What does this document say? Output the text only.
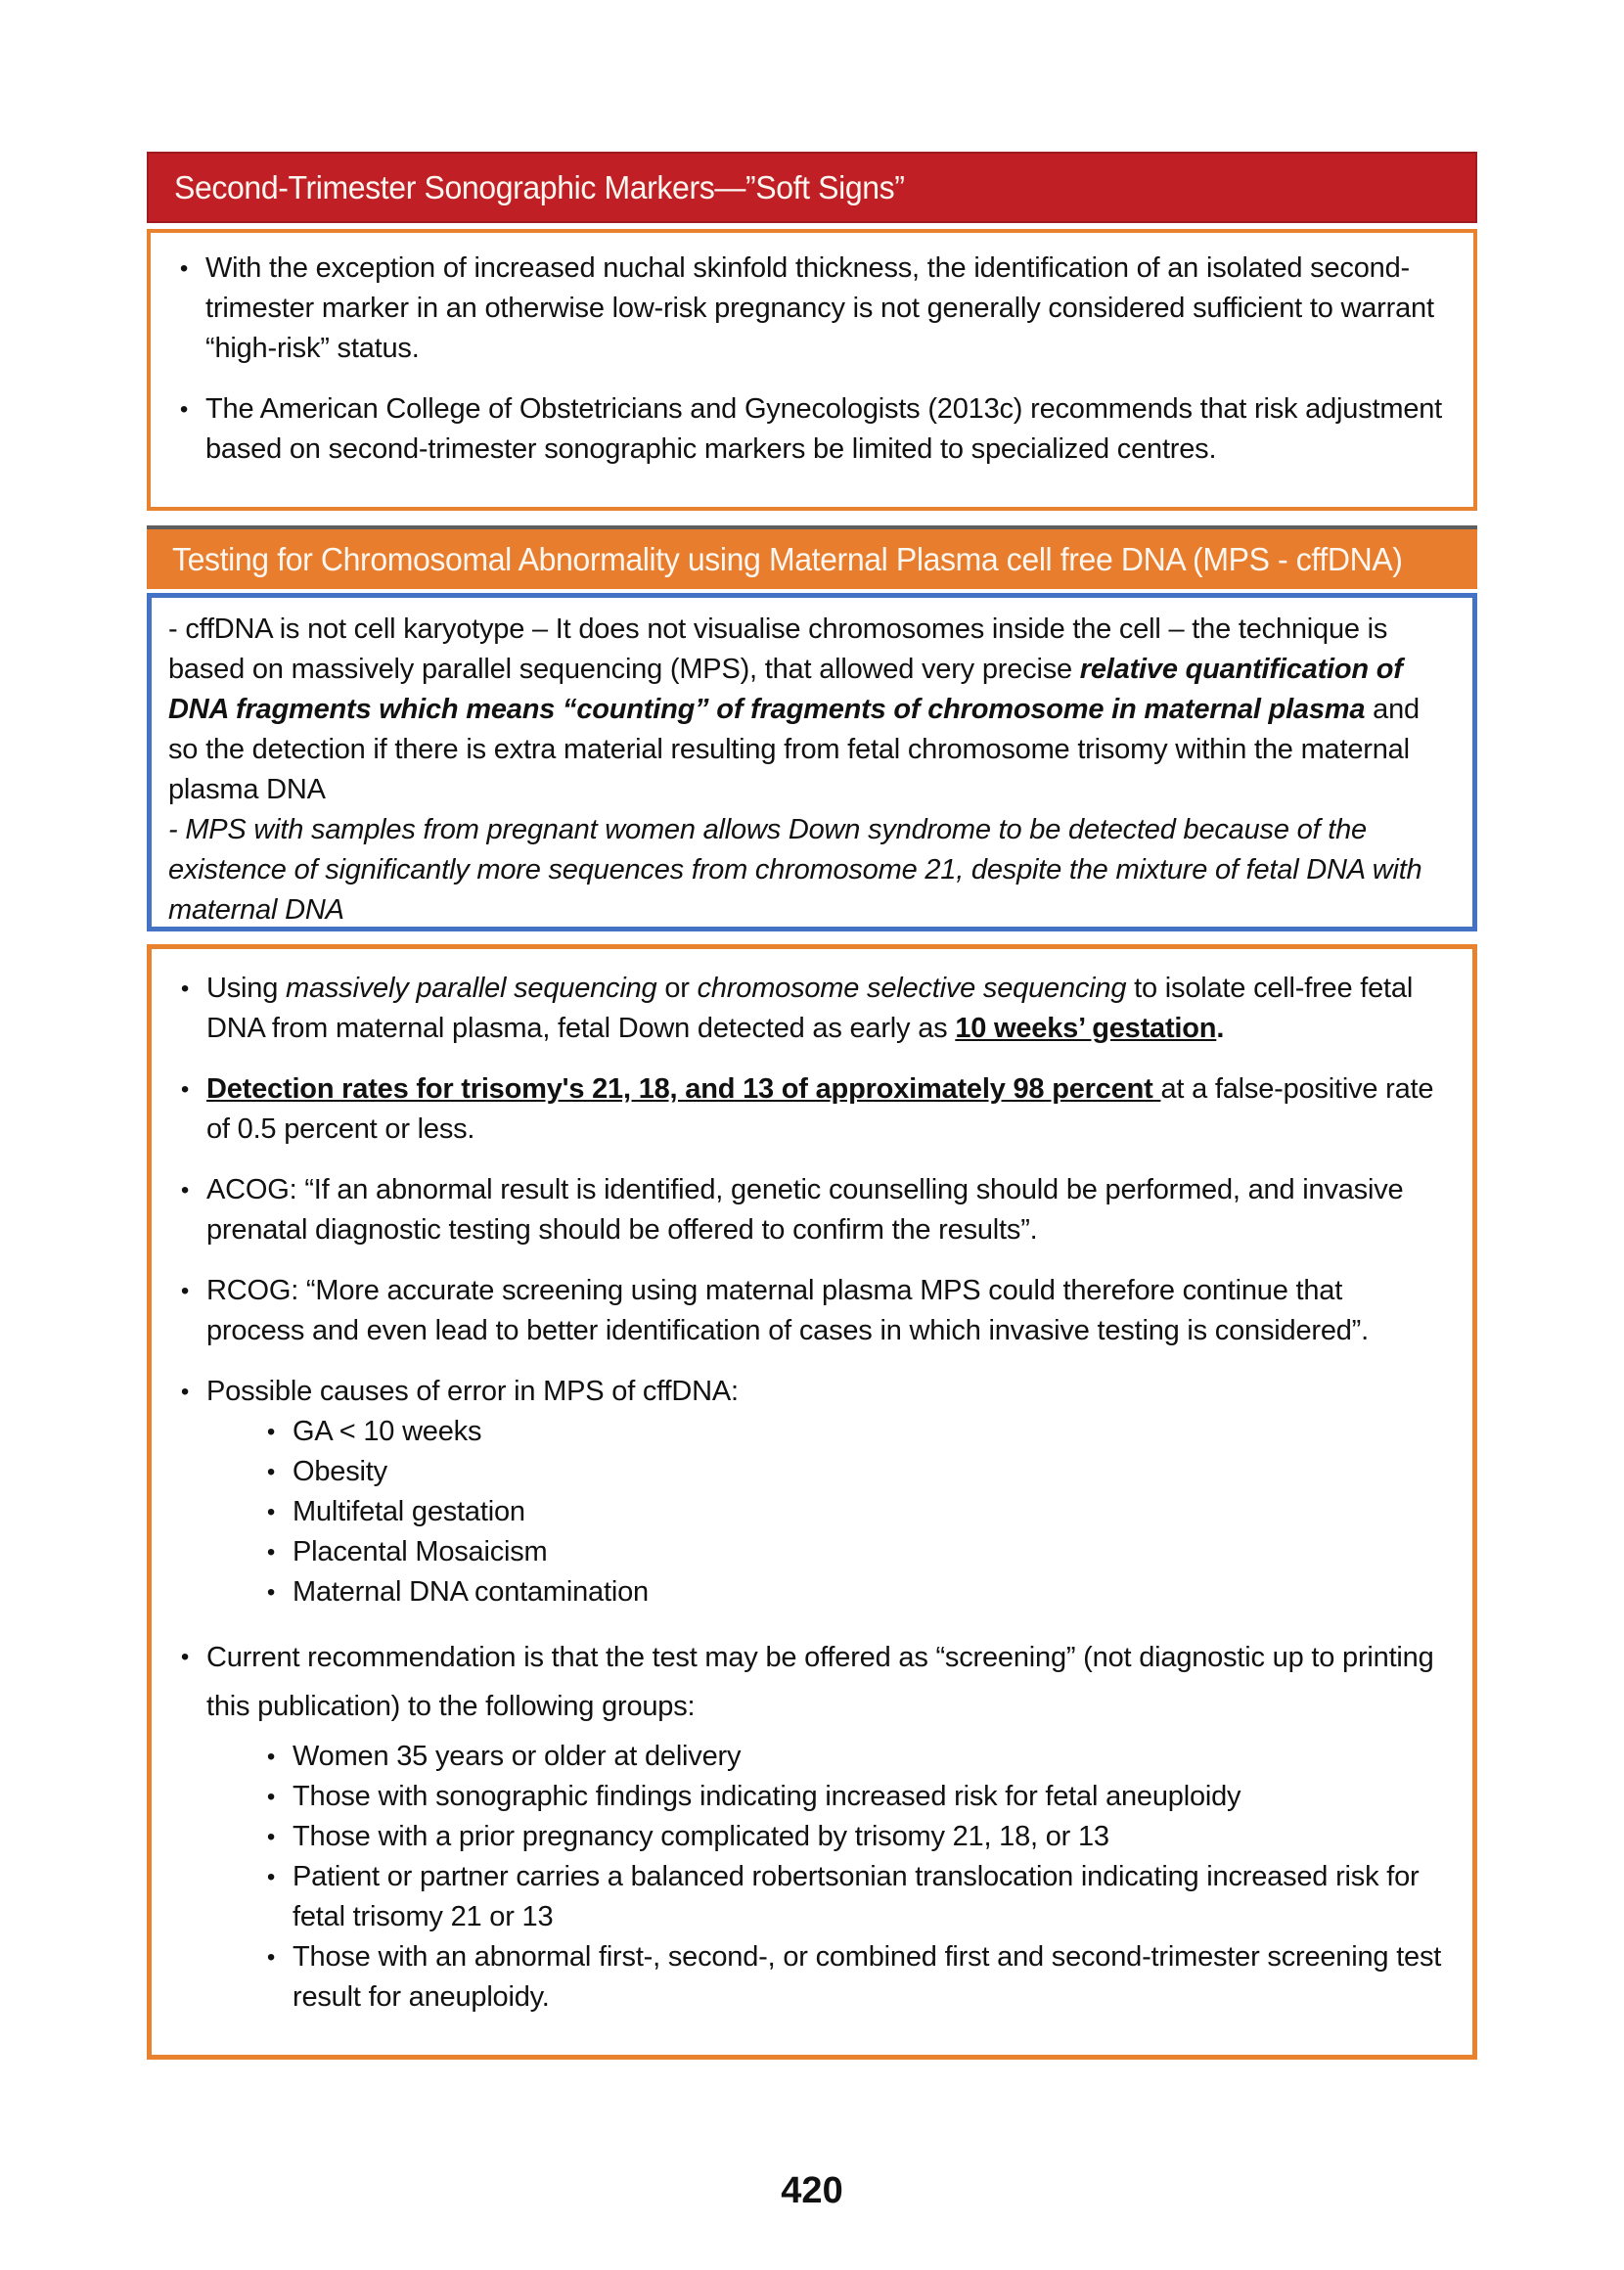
Second-Trimester Sonographic Markers—”Soft Signs”
• With the exception of increased nuchal skinfold thickness, the identification of an isolated second-trimester marker in an otherwise low-risk pregnancy is not generally considered sufficient to warrant “high-risk” status.
• The American College of Obstetricians and Gynecologists (2013c) recommends that risk adjustment based on second-trimester sonographic markers be limited to specialized centres.
Testing for Chromosomal Abnormality using Maternal Plasma cell free DNA (MPS - cffDNA)

- cffDNA is not cell karyotype – It does not visualise chromosomes inside the cell – the technique is based on massively parallel sequencing (MPS), that allowed very precise relative quantification of DNA fragments which means “counting” of fragments of chromosome in maternal plasma and so the detection if there is extra material resulting from fetal chromosome trisomy within the maternal plasma DNA

- MPS with samples from pregnant women allows Down syndrome to be detected because of the existence of significantly more sequences from chromosome 21, despite the mixture of fetal DNA with maternal DNA

• Using massively parallel sequencing or chromosome selective sequencing to isolate cell-free fetal DNA from maternal plasma, fetal Down detected as early as 10 weeks’ gestation.
• Detection rates for trisomy's 21, 18, and 13 of approximately 98 percent at a false-positive rate of 0.5 percent or less.
• ACOG: “If an abnormal result is identified, genetic counselling should be performed, and invasive prenatal diagnostic testing should be offered to confirm the results”.
• RCOG: “More accurate screening using maternal plasma MPS could therefore continue that process and even lead to better identification of cases in which invasive testing is considered”.
• Possible causes of error in MPS of cffDNA:
• GA < 10 weeks
• Obesity
• Multifetal gestation
• Placental Mosaicism
• Maternal DNA contamination
• Current recommendation is that the test may be offered as “screening” (not diagnostic up to printing this publication) to the following groups:
• Women 35 years or older at delivery
• Those with sonographic findings indicating increased risk for fetal aneuploidy
• Those with a prior pregnancy complicated by trisomy 21, 18, or 13
• Patient or partner carries a balanced robertsonian translocation indicating increased risk for fetal trisomy 21 or 13
• Those with an abnormal first-, second-, or combined first and second-trimester screening test result for aneuploidy.
420
